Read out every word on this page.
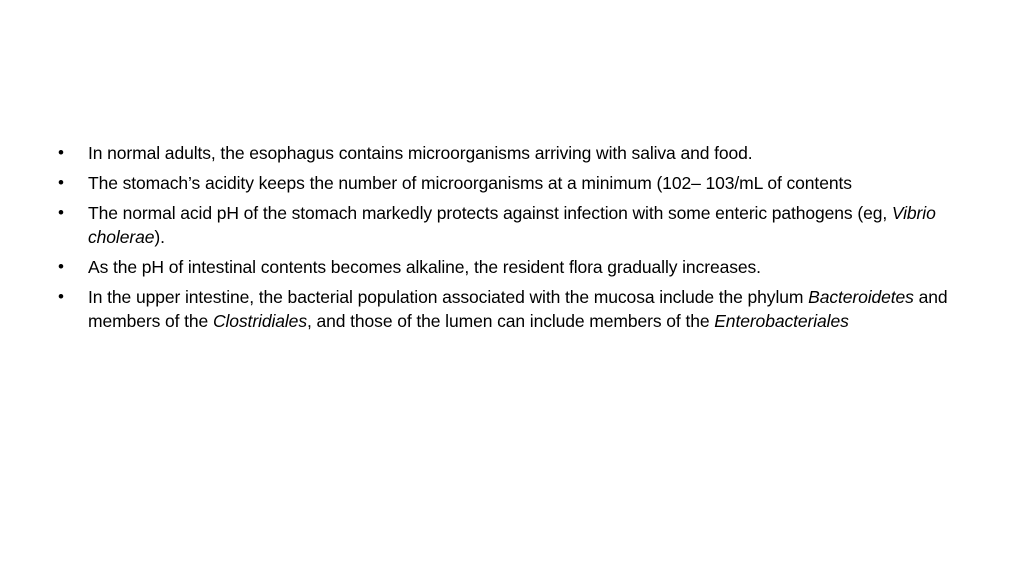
•	In normal adults, the esophagus contains microorganisms arriving with saliva and food.
•	The stomach’s acidity keeps the number of microorganisms at a minimum (102– 103/mL of contents
•	The normal acid pH of the stomach markedly protects against infection with some enteric pathogens (eg, Vibrio cholerae).
•	As the pH of intestinal contents becomes alkaline, the resident flora gradually increases.
•	In the upper intestine, the bacterial population associated with the mucosa include the phylum Bacteroidetes and members of the Clostridiales, and those of the lumen can include members of the Enterobacteriales
